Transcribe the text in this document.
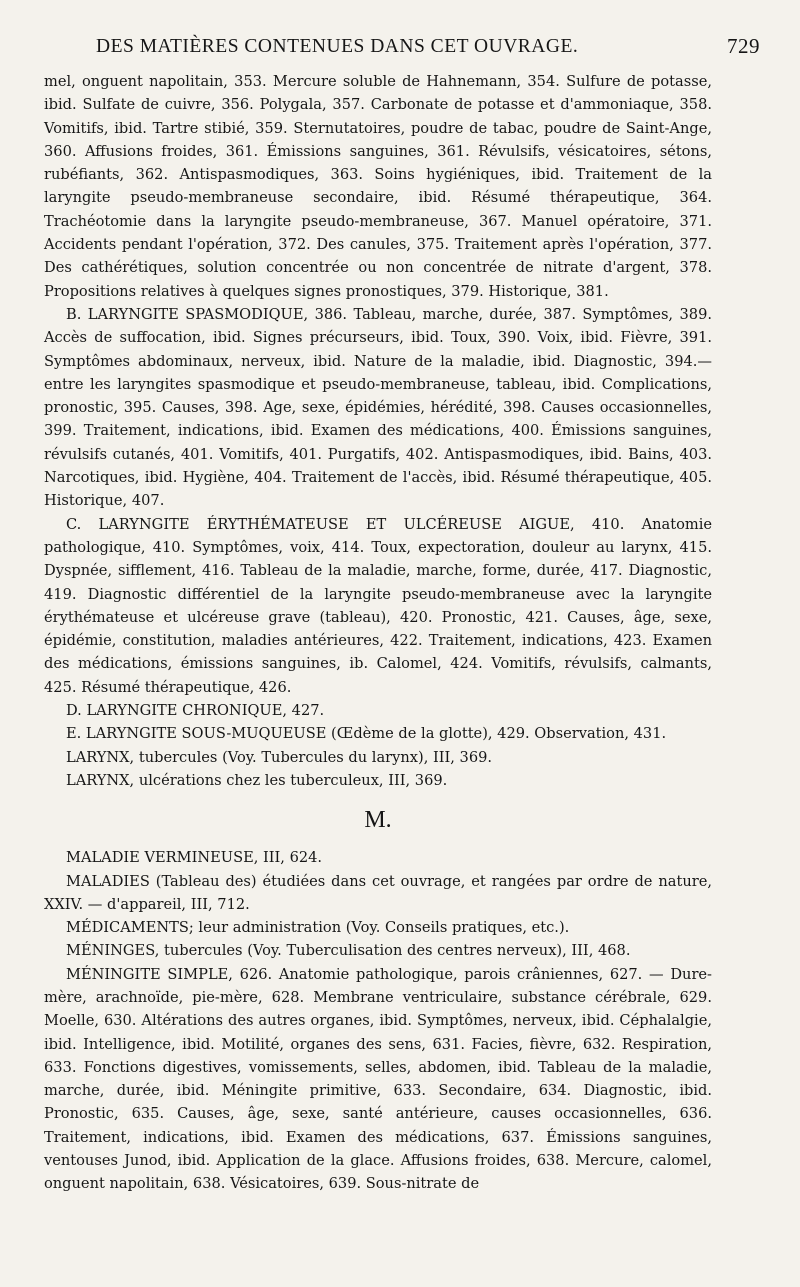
DES MATIÈRES CONTENUES DANS CET OUVRAGE.	729

mel, onguent napolitain, 353. Mercure soluble de Hahnemann, 354. Sulfure de potasse, ibid. Sulfate de cuivre, 356. Polygala, 357. Carbonate de potasse et d'ammoniaque, 358. Vomitifs, ibid. Tartre stibié, 359. Sternutatoires, poudre de tabac, poudre de Saint-Ange, 360. Affusions froides, 361. Émissions sanguines, 361. Révulsifs, vésicatoires, sétons, rubéfiants, 362. Antispasmodiques, 363. Soins hygiéniques, ibid. Traitement de la laryngite pseudo-membraneuse secondaire, ibid. Résumé thérapeutique, 364. Trachéotomie dans la laryngite pseudo-membraneuse, 367. Manuel opératoire, 371. Accidents pendant l'opération, 372. Des canules, 375. Traitement après l'opération, 377. Des cathérétiques, solution concentrée ou non concentrée de nitrate d'argent, 378. Propositions relatives à quelques signes pronostiques, 379. Historique, 381.

B. LARYNGITE SPASMODIQUE, 386. Tableau, marche, durée, 387. Symptômes, 389. Accès de suffocation, ibid. Signes précurseurs, ibid. Toux, 390. Voix, ibid. Fièvre, 391. Symptômes abdominaux, nerveux, ibid. Nature de la maladie, ibid. Diagnostic, 394.—entre les laryngites spasmodique et pseudo-membraneuse, tableau, ibid. Complications, pronostic, 395. Causes, 398. Age, sexe, épidémies, hérédité, 398. Causes occasionnelles, 399. Traitement, indications, ibid. Examen des médications, 400. Émissions sanguines, révulsifs cutanés, 401. Vomitifs, 401. Purgatifs, 402. Antispasmodiques, ibid. Bains, 403. Narcotiques, ibid. Hygiène, 404. Traitement de l'accès, ibid. Résumé thérapeutique, 405. Historique, 407.

C. LARYNGITE ÉRYTHÉMATEUSE ET ULCÉREUSE AIGUE, 410. Anatomie pathologique, 410. Symptômes, voix, 414. Toux, expectoration, douleur au larynx, 415. Dyspnée, sifflement, 416. Tableau de la maladie, marche, forme, durée, 417. Diagnostic, 419. Diagnostic différentiel de la laryngite pseudo-membraneuse avec la laryngite érythémateuse et ulcéreuse grave (tableau), 420. Pronostic, 421. Causes, âge, sexe, épidémie, constitution, maladies antérieures, 422. Traitement, indications, 423. Examen des médications, émissions sanguines, ib. Calomel, 424. Vomitifs, révulsifs, calmants, 425. Résumé thérapeutique, 426.

D. LARYNGITE CHRONIQUE, 427.

E. LARYNGITE SOUS-MUQUEUSE (Œdème de la glotte), 429. Observation, 431.

LARYNX, tubercules (Voy. Tubercules du larynx), III, 369.

LARYNX, ulcérations chez les tuberculeux, III, 369.

M.

MALADIE VERMINEUSE, III, 624.

MALADIES (Tableau des) étudiées dans cet ouvrage, et rangées par ordre de nature, XXIV. — d'appareil, III, 712.

MÉDICAMENTS; leur administration (Voy. Conseils pratiques, etc.).

MÉNINGES, tubercules (Voy. Tuberculisation des centres nerveux), III, 468.

MÉNINGITE SIMPLE, 626. Anatomie pathologique, parois crâniennes, 627. — Dure-mère, arachnoïde, pie-mère, 628. Membrane ventriculaire, substance cérébrale, 629. Moelle, 630. Altérations des autres organes, ibid. Symptômes, nerveux, ibid. Céphalalgie, ibid. Intelligence, ibid. Motilité, organes des sens, 631. Facies, fièvre, 632. Respiration, 633. Fonctions digestives, vomissements, selles, abdomen, ibid. Tableau de la maladie, marche, durée, ibid. Méningite primitive, 633. Secondaire, 634. Diagnostic, ibid. Pronostic, 635. Causes, âge, sexe, santé antérieure, causes occasionnelles, 636. Traitement, indications, ibid. Examen des médications, 637. Émissions sanguines, ventouses Junod, ibid. Application de la glace. Affusions froides, 638. Mercure, calomel, onguent napolitain, 638. Vésicatoires, 639. Sous-nitrate de
